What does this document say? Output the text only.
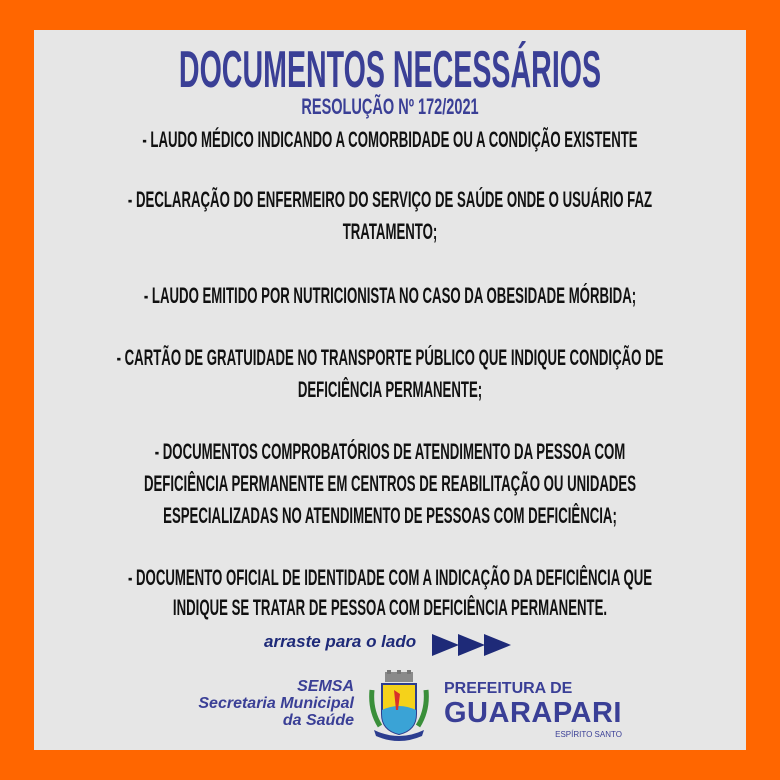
DOCUMENTOS NECESSÁRIOS
RESOLUÇÃO Nº 172/2021
- LAUDO MÉDICO INDICANDO A COMORBIDADE OU A CONDIÇÃO EXISTENTE
- DECLARAÇÃO DO ENFERMEIRO DO SERVIÇO DE SAÚDE ONDE O USUÁRIO FAZ
TRATAMENTO;
- LAUDO EMITIDO POR NUTRICIONISTA NO CASO DA OBESIDADE MÓRBIDA;
- CARTÃO DE GRATUIDADE NO TRANSPORTE PÚBLICO QUE INDIQUE CONDIÇÃO DE
DEFICIÊNCIA PERMANENTE;
- DOCUMENTOS COMPROBATÓRIOS DE ATENDIMENTO DA PESSOA COM
DEFICIÊNCIA PERMANENTE EM CENTROS DE REABILITAÇÃO OU UNIDADES
ESPECIALIZADAS NO ATENDIMENTO DE PESSOAS COM DEFICIÊNCIA;
- DOCUMENTO OFICIAL DE IDENTIDADE COM A INDICAÇÃO DA DEFICIÊNCIA QUE
INDIQUE SE TRATAR DE PESSOA COM DEFICIÊNCIA PERMANENTE.
arraste para o lado
SEMSA
Secretaria Municipal
da Saúde
PREFEITURA DE
GUARAPARI
ESPÍRITO SANTO
